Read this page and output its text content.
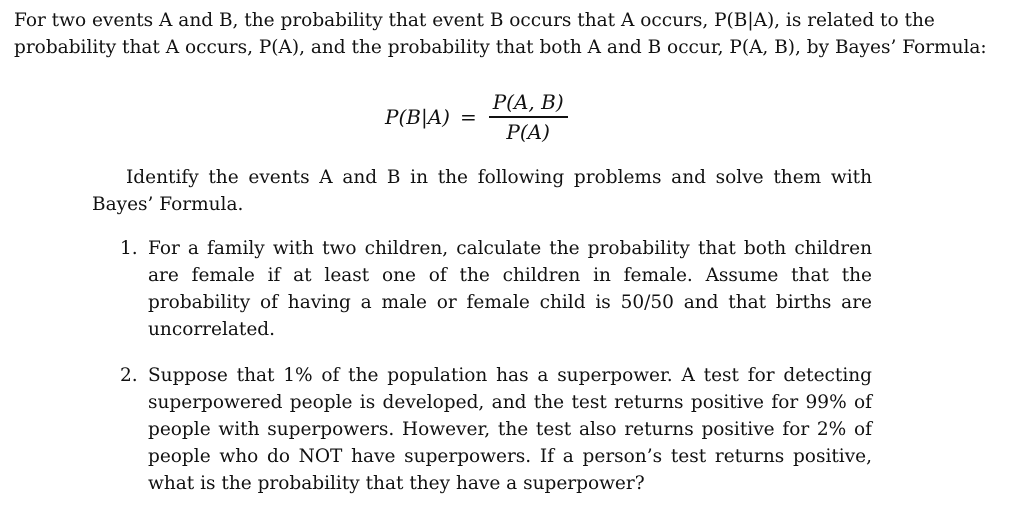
For two events A and B, the probability that event B occurs that A occurs, P(B|A), is related to the probability that A occurs, P(A), and the probability that both A and B occur, P(A, B), by Bayes’ Formula:

$P(B|A) = \frac{P(A, B)}{P(A)}$

Identify the events A and B in the following problems and solve them with Bayes’ Formula.

1. For a family with two children, calculate the probability that both children are female if at least one of the children in female. Assume that the probability of having a male or female child is 50/50 and that births are uncorrelated.
2. Suppose that 1% of the population has a superpower. A test for detecting superpowered people is developed, and the test returns positive for 99% of people with superpowers. However, the test also returns positive for 2% of people who do NOT have superpowers. If a person’s test returns positive, what is the probability that they have a superpower?
